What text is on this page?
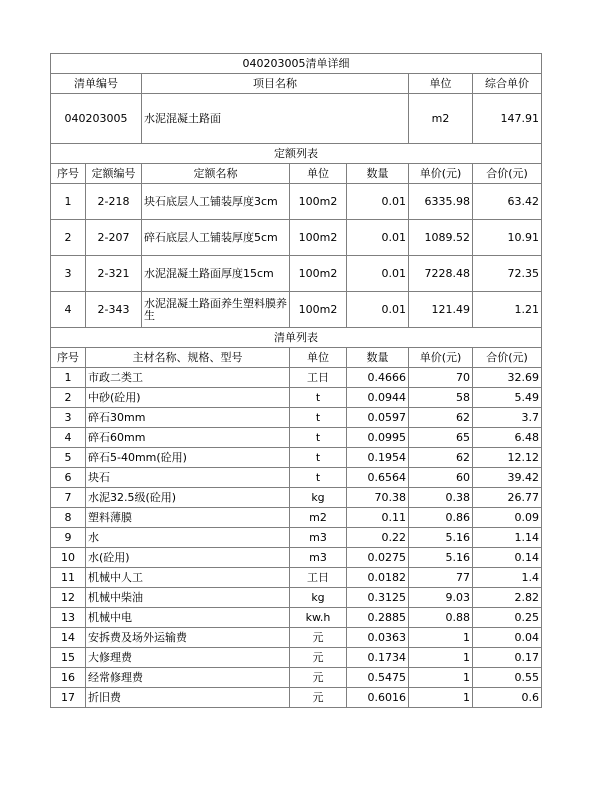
040203005清单详细						
清单编号		项目名称			单位	综合单价
040203005		水泥混凝土路面			m2	147.91
定额列表						
序号	定额编号	定额名称	单位	数量	单价(元)	合价(元)
1	2-218	块石底层人工铺装厚度3cm	100m2	0.01	6335.98	63.42
2	2-207	碎石底层人工铺装厚度5cm	100m2	0.01	1089.52	10.91
3	2-321	水泥混凝土路面厚度15cm	100m2	0.01	7228.48	72.35
4	2-343	水泥混凝土路面养生塑料膜养生	100m2	0.01	121.49	1.21
清单列表						
序号	主材名称、规格、型号		单位	数量	单价(元)	合价(元)
1	市政二类工		工日	0.4666	70	32.69
2	中砂(砼用)		t	0.0944	58	5.49
3	碎石30mm		t	0.0597	62	3.7
4	碎石60mm		t	0.0995	65	6.48
5	碎石5-40mm(砼用)		t	0.1954	62	12.12
6	块石		t	0.6564	60	39.42
7	水泥32.5级(砼用)		kg	70.38	0.38	26.77
8	塑料薄膜		m2	0.11	0.86	0.09
9	水		m3	0.22	5.16	1.14
10	水(砼用)		m3	0.0275	5.16	0.14
11	机械中人工		工日	0.0182	77	1.4
12	机械中柴油		kg	0.3125	9.03	2.82
13	机械中电		kw.h	0.2885	0.88	0.25
14	安拆费及场外运输费		元	0.0363	1	0.04
15	大修理费		元	0.1734	1	0.17
16	经常修理费		元	0.5475	1	0.55
17	折旧费		元	0.6016	1	0.6
